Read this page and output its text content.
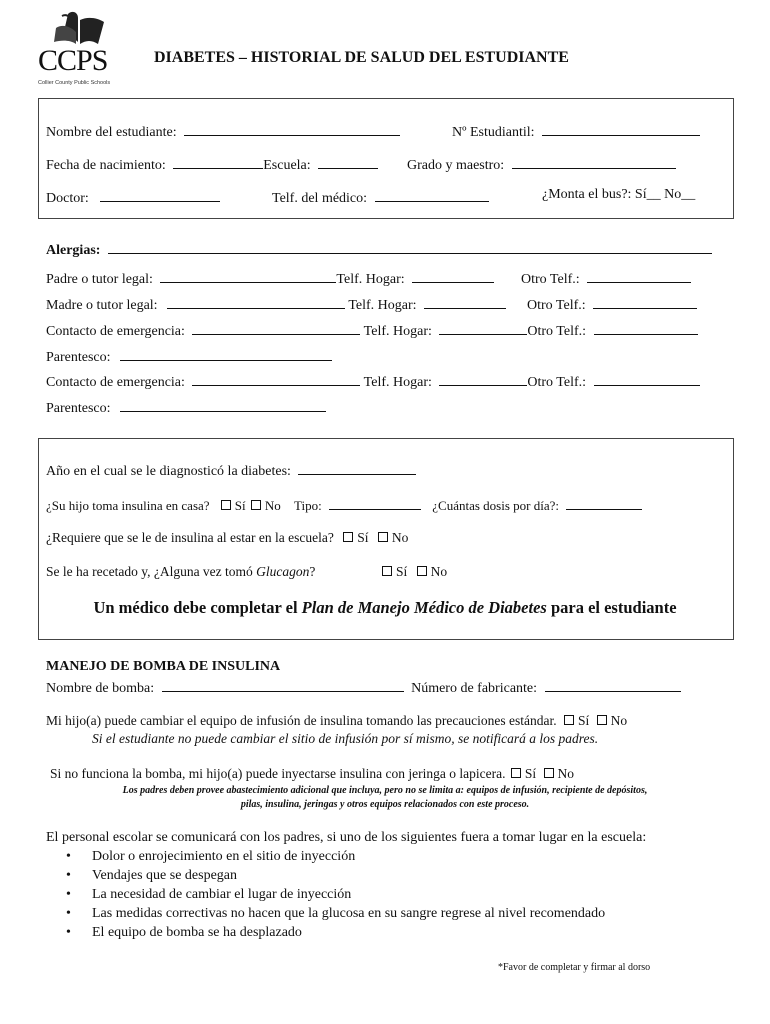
CCPS
Collier County Public Schools
DIABETES – HISTORIAL DE SALUD DEL ESTUDIANTE
Nombre del estudiante:	Nº Estudiantil:
Fecha de nacimiento:	Escuela:	Grado y maestro:
Doctor:	Telf. del médico:	¿Monta el bus?: Sí__ No__
Alergias:
Padre o tutor legal:	Telf. Hogar:	Otro Telf.:
Madre o tutor legal:	Telf. Hogar:	Otro Telf.:
Contacto de emergencia:	Telf. Hogar:	Otro Telf.:
Parentesco:
Contacto de emergencia:	Telf. Hogar:	Otro Telf.:
Parentesco:
Año en el cual se le diagnosticó la diabetes:
¿Su hijo toma insulina en casa? Sí No Tipo:	¿Cuántas dosis por día?:
¿Requiere que se le de insulina al estar en la escuela? Sí No
Se le ha recetado y, ¿Alguna vez tomó Glucagon?	Sí No
Un médico debe completar el Plan de Manejo Médico de Diabetes para el estudiante
MANEJO DE BOMBA DE INSULINA
Nombre de bomba:	Número de fabricante:
Mi hijo(a) puede cambiar el equipo de infusión de insulina tomando las precauciones estándar. Sí No
Si el estudiante no puede cambiar el sitio de infusión por sí mismo, se notificará a los padres.
Si no funciona la bomba, mi hijo(a) puede inyectarse insulina con jeringa o lapicera. Sí No
Los padres deben provee abastecimiento adicional que incluya, pero no se limita a: equipos de infusión, recipiente de depósitos,
pilas, insulina, jeringas y otros equipos relacionados con este proceso.
El personal escolar se comunicará con los padres, si uno de los siguientes fuera a tomar lugar en la escuela:
• Dolor o enrojecimiento en el sitio de inyección
• Vendajes que se despegan
• La necesidad de cambiar el lugar de inyección
• Las medidas correctivas no hacen que la glucosa en su sangre regrese al nivel recomendado
• El equipo de bomba se ha desplazado
*Favor de completar y firmar al dorso
